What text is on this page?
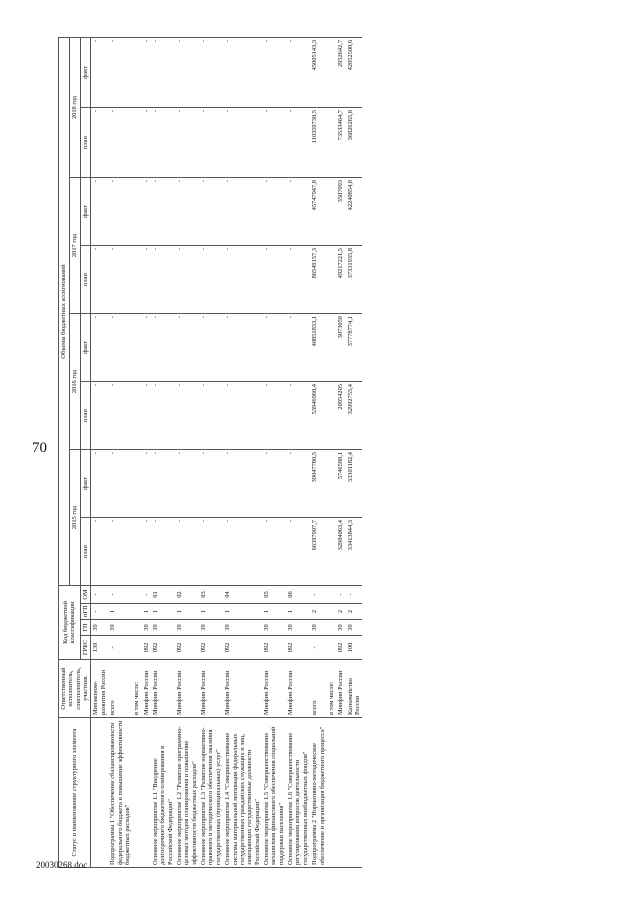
70
Статус и наименование структурного элемента	Ответственный исполнитель, соисполнитель, участник	Код бюджетной классификации				Объемы бюджетных ассигнований							
						2015 год		2016 год		2017 год		2018 год	
		ГРБС	ГП	пГП	ОМ	план	факт	план	факт	план	факт	план	факт
	Минэконом-развития России	139	39	-	-	-	-	-	-	-	-	-	-
Подпрограмма 1 "Обеспечение сбалансированности федерального бюджета и повышение эффективности бюджетных расходов"	всего	-	39	1	-	-	-	-	-	-	-	-	-
	в том числе:												
	Минфин России	092	39	1	-	-	-	-	-	-	-	-	-
Основное мероприятие 1.1 "Внедрение долгосрочного бюджетного планирования в Российской Федерации"	Минфин России	092	39	1	01	-	-	-	-	-	-	-	-
Основное мероприятие 1.2 "Развитие программно-целевых методов планирования и повышение эффективности бюджетных расходов"	Минфин России	092	39	1	02	-	-	-	-	-	-	-	-
Основное мероприятие 1.3 "Развитие нормативно-правового и методического обеспечения оказания государственных (муниципальных) услуг"	Минфин России	092	39	1	03	-	-	-	-	-	-	-	-
Основное мероприятие 1.4 "Совершенствование системы материальной мотивации федеральных государственных гражданских служащих и лиц, замещающих государственные должности Российской Федерации"	Минфин России	092	39	1	04	-	-	-	-	-	-	-	-
Основное мероприятие 1.5 "Совершенствование механизмов финансового обеспечения социальной поддержки населения"	Минфин России	092	39	1	05	-	-	-	-	-	-	-	-
Основное мероприятие 1.6 "Совершенствование регулирования вопросов деятельности государственных внебюджетных фондов"	Минфин России	092	39	1	06	-	-	-	-	-	-	-	-
Подпрограмма 2 "Нормативно-методическое обеспечение и организация бюджетного процесса"	всего	-	39	2	-	66397907,7	39047780,5	53946960,4	40851833,1	86549157,3	45747947,8	110359730,5	45005143,3
	в том числе:												
	Минфин России	092	39	2	-	32984063,4	5746598,1	20954205	3073059	49217221,5	3507093	73533464,7	2952642,7
	Казначейство России	100	39	2	-	33413844,3	33301182,4	32992755,4	37778774,1	37331935,8	42240854,8	36826265,8	42052500,6
20030268.doc
